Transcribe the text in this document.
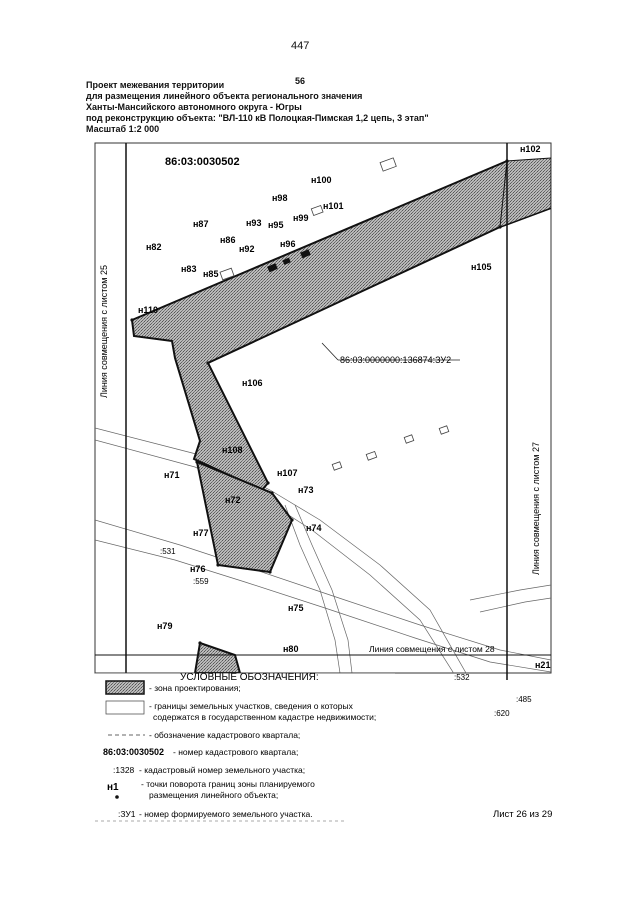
447
56
Проект межевания территории
для размещения линейного объекта регионального значения
Ханты-Мансийского автономного округа - Югры
под реконструкцию объекта: "ВЛ-110 кВ Полоцкая-Пимская 1,2 цепь, 3 этап"
Масштаб 1:2 000
86:03:0030502
86:03:0000000:136874:ЗУ2
Линия совмещения с листом 25
Линия совмещения с листом 27
Линия совмещения с листом 28
:531
:559
:532
:485
:620
н102
н100
н101
н98
н99
н93 н95
н96
н92
н87
н86
н82
н83 н85
н110
н105
н106
н108
н71	н107
н73
н72
н74
н77
н76
н75
н79
н80
н21
УСЛОВНЫЕ ОБОЗНАЧЕНИЯ:
- зона проектирования;
- границы земельных участков, сведения о которых
содержатся в государственном кадастре недвижимости;
- обозначение кадастрового квартала;
86:03:0030502 - номер кадастрового квартала;
:1328 - кадастровый номер земельного участка;
н1	- точки поворота границ зоны планируемого
размещения линейного объекта;
:ЗУ1 - номер формируемого земельного участка.	Лист 26 из 29
